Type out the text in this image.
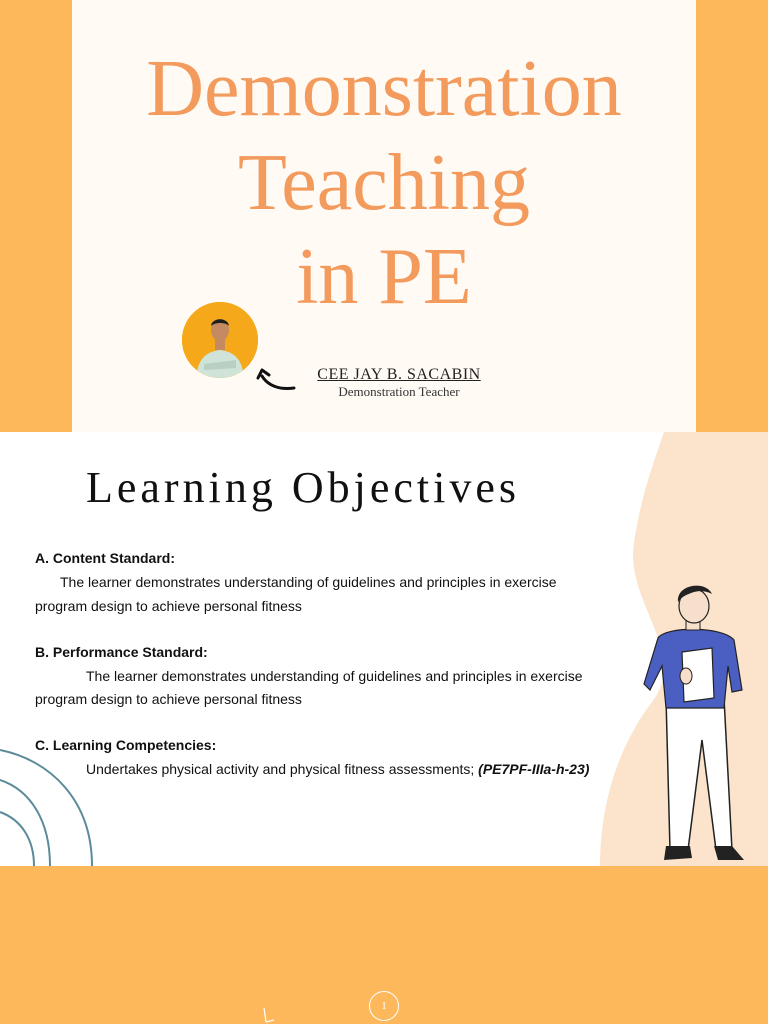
Demonstration
Teaching
in PE
CEE JAY B. SACABIN
Demonstration Teacher
Learning Objectives
A. Content Standard:
The learner demonstrates understanding of guidelines and principles in exercise
program design to achieve personal fitness
B. Performance Standard:
The learner demonstrates understanding of guidelines and principles in exercise
program design to achieve personal fitness
C. Learning Competencies:
Undertakes physical activity and physical fitness assessments; (PE7PF-IIIa-h-23)
1
